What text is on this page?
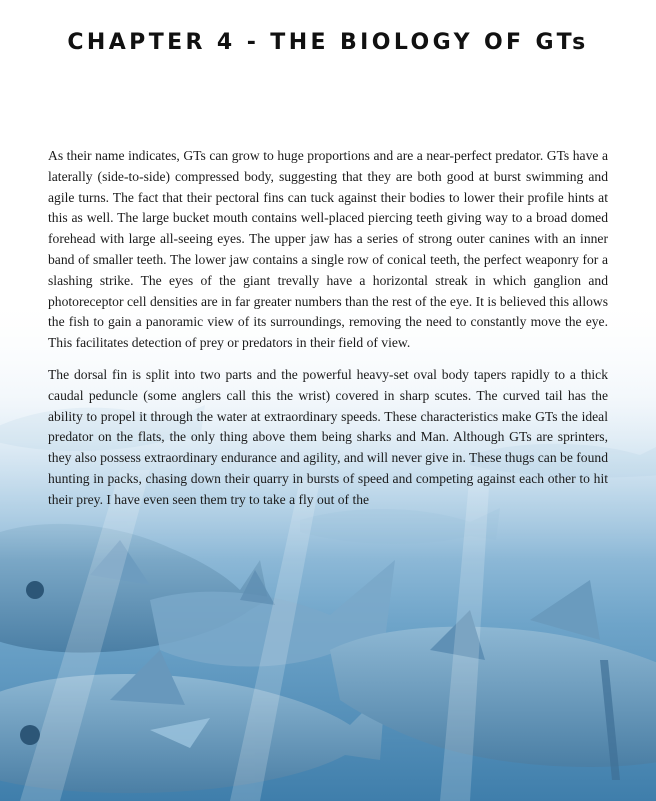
CHAPTER 4 - THE BIOLOGY OF GTs

As their name indicates, GTs can grow to huge proportions and are a near-perfect predator. GTs have a laterally (side-to-side) compressed body, suggesting that they are both good at burst swimming and agile turns. The fact that their pectoral fins can tuck against their bodies to lower their profile hints at this as well. The large bucket mouth contains well-placed piercing teeth giving way to a broad domed forehead with large all-seeing eyes. The upper jaw has a series of strong outer canines with an inner band of smaller teeth. The lower jaw contains a single row of conical teeth, the perfect weaponry for a slashing strike. The eyes of the giant trevally have a horizontal streak in which ganglion and photoreceptor cell densities are in far greater numbers than the rest of the eye. It is believed this allows the fish to gain a panoramic view of its surroundings, removing the need to constantly move the eye. This facilitates detection of prey or predators in their field of view.

The dorsal fin is split into two parts and the powerful heavy-set oval body tapers rapidly to a thick caudal peduncle (some anglers call this the wrist) covered in sharp scutes. The curved tail has the ability to propel it through the water at extraordinary speeds. These characteristics make GTs the ideal predator on the flats, the only thing above them being sharks and Man. Although GTs are sprinters, they also possess extraordinary endurance and agility, and will never give in. These thugs can be found hunting in packs, chasing down their quarry in bursts of speed and competing against each other to hit their prey. I have even seen them try to take a fly out of the
